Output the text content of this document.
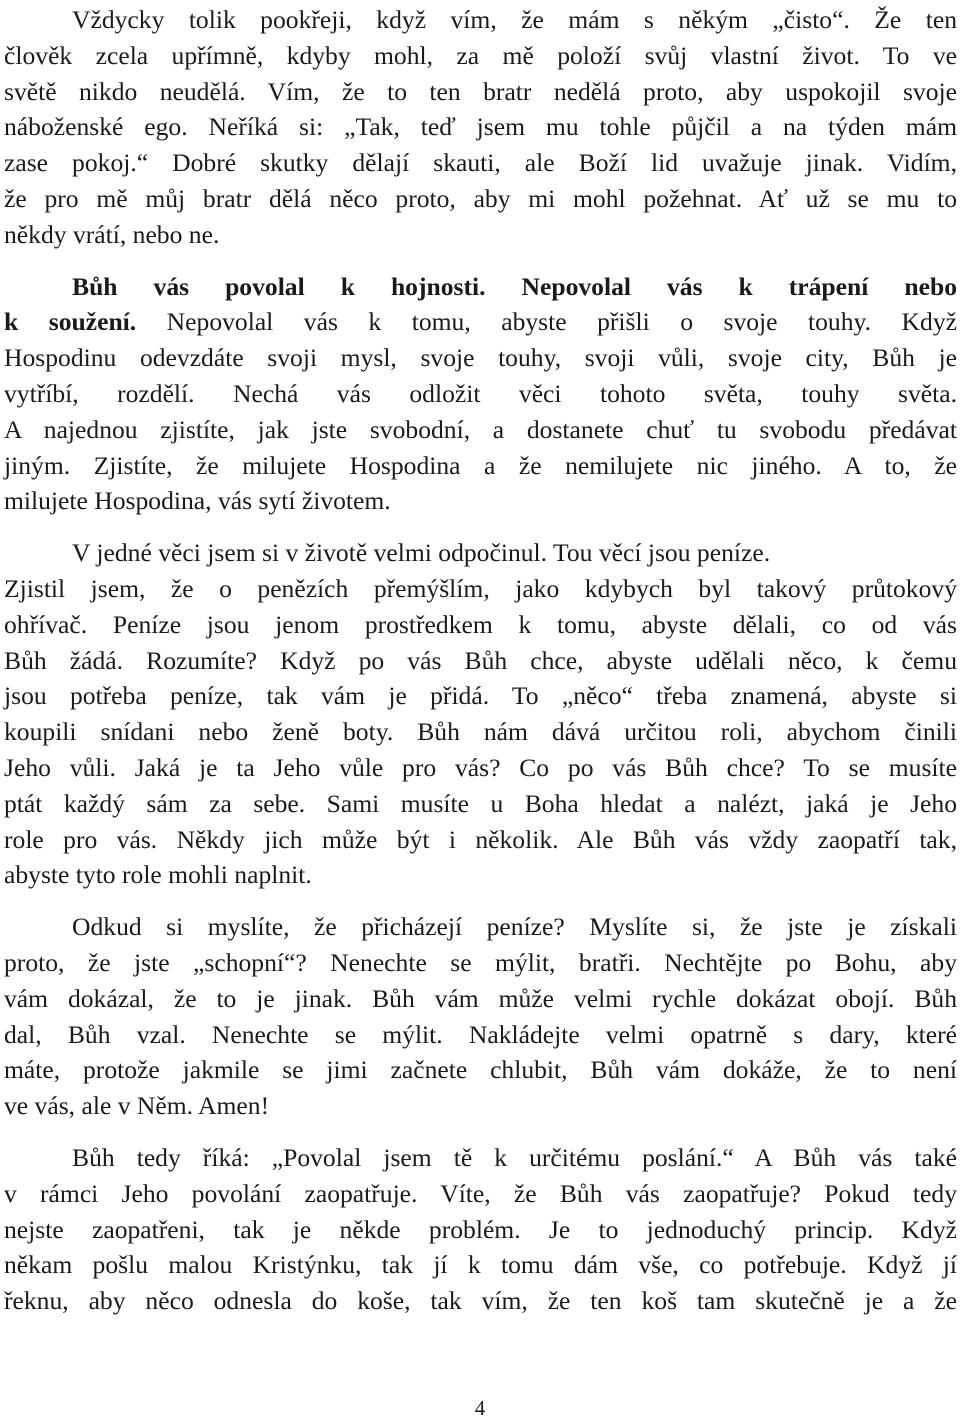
Vždycky tolik pookřeji, když vím, že mám s někým „čisto“. Že ten
člověk zcela upřímně, kdyby mohl, za mě položí svůj vlastní život. To ve
světě nikdo neudělá. Vím, že to ten bratr nedělá proto, aby uspokojil svoje
náboženské ego. Neříká si: „Tak, teď jsem mu tohle půjčil a na týden mám
zase pokoj.“ Dobré skutky dělají skauti, ale Boží lid uvažuje jinak. Vidím,
že pro mě můj bratr dělá něco proto, aby mi mohl požehnat. Ať už se mu to
někdy vrátí, nebo ne.

Bůh vás povolal k hojnosti. Nepovolal vás k trápení nebo
k soužení. Nepovolal vás k tomu, abyste přišli o svoje touhy. Když
Hospodinu odevzdáte svoji mysl, svoje touhy, svoji vůli, svoje city, Bůh je
vytříbí, rozdělí. Nechá vás odložit věci tohoto světa, touhy světa.
A najednou zjistíte, jak jste svobodní, a dostanete chuť tu svobodu předávat
jiným. Zjistíte, že milujete Hospodina a že nemilujete nic jiného. A to, že
milujete Hospodina, vás sytí životem.

V jedné věci jsem si v životě velmi odpočinul. Tou věcí jsou peníze.
Zjistil jsem, že o penězích přemýšlím, jako kdybych byl takový průtokový
ohřívač. Peníze jsou jenom prostředkem k tomu, abyste dělali, co od vás
Bůh žádá. Rozumíte? Když po vás Bůh chce, abyste udělali něco, k čemu
jsou potřeba peníze, tak vám je přidá. To „něco“ třeba znamená, abyste si
koupili snídani nebo ženě boty. Bůh nám dává určitou roli, abychom činili
Jeho vůli. Jaká je ta Jeho vůle pro vás? Co po vás Bůh chce? To se musíte
ptát každý sám za sebe. Sami musíte u Boha hledat a nalézt, jaká je Jeho
role pro vás. Někdy jich může být i několik. Ale Bůh vás vždy zaopatří tak,
abyste tyto role mohli naplnit.

Odkud si myslíte, že přicházejí peníze? Myslíte si, že jste je získali
proto, že jste „schopní“? Nenechte se mýlit, bratři. Nechtějte po Bohu, aby
vám dokázal, že to je jinak. Bůh vám může velmi rychle dokázat obojí. Bůh
dal, Bůh vzal. Nenechte se mýlit. Nakládejte velmi opatrně s dary, které
máte, protože jakmile se jimi začnete chlubit, Bůh vám dokáže, že to není
ve vás, ale v Něm. Amen!

Bůh tedy říká: „Povolal jsem tě k určitému poslání.“ A Bůh vás také
v rámci Jeho povolání zaopatřuje. Víte, že Bůh vás zaopatřuje? Pokud tedy
nejste zaopatřeni, tak je někde problém. Je to jednoduchý princip. Když
někam pošlu malou Kristýnku, tak jí k tomu dám vše, co potřebuje. Když jí
řeknu, aby něco odnesla do koše, tak vím, že ten koš tam skutečně je a že

4
